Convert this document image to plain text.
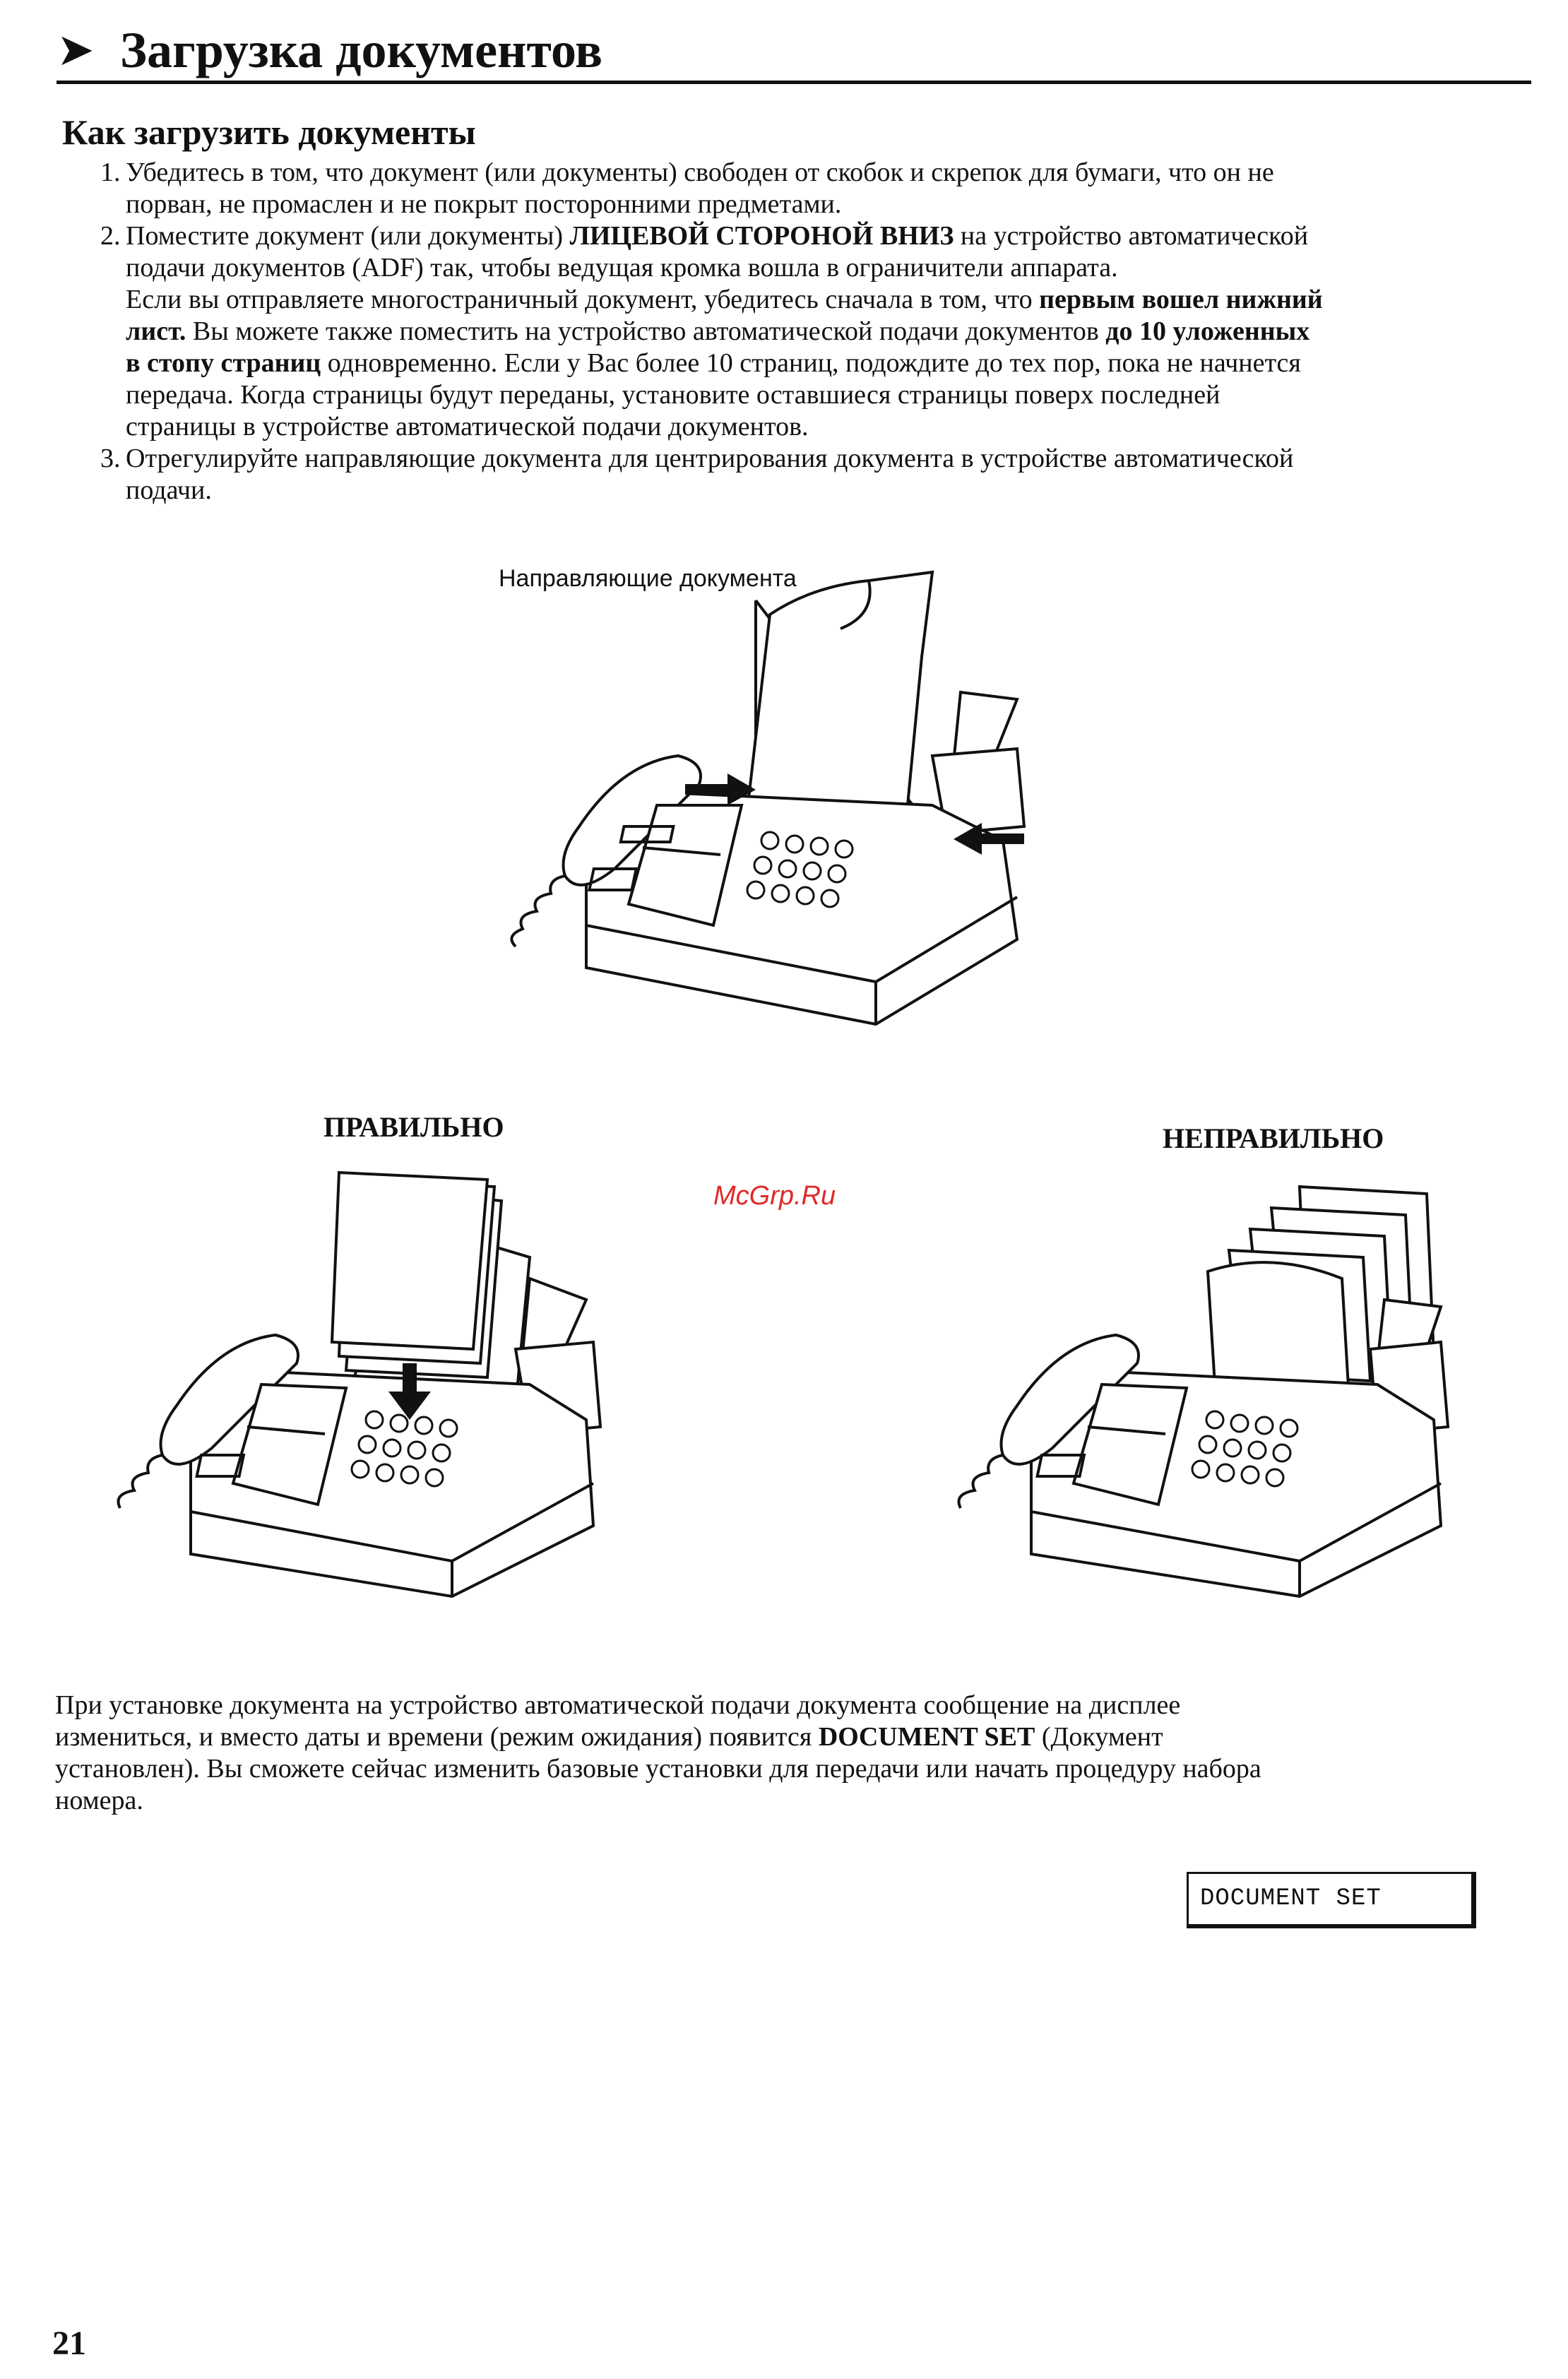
➤ Загрузка документов
Как загрузить документы
1. Убедитесь в том, что документ (или документы) свободен от скобок и скрепок для бумаги, что он не

порван, не промаслен и не покрыт посторонними предметами.

2. Поместите документ (или документы) ЛИЦЕВОЙ СТОРОНОЙ ВНИЗ на устройство автоматической

подачи документов (ADF) так, чтобы ведущая кромка вошла в ограничители аппарата.

Если вы отправляете многостраничный документ, убедитесь сначала в том, что первым вошел нижний

лист. Вы можете также поместить на устройство автоматической подачи документов до 10 уложенных

в стопу страниц одновременно. Если у Вас более 10 страниц, подождите до тех пор, пока не начнется

передача. Когда страницы будут переданы, установите оставшиеся страницы поверх последней

страницы в устройстве автоматической подачи документов.

3. Отрегулируйте направляющие документа для центрирования документа в устройстве автоматической

подачи.

Направляющие документа
ПРАВИЛЬНО	НЕПРАВИЛЬНО
McGrp.Ru
При установке документа на устройство автоматической подачи документа сообщение на дисплее
измениться, и вместо даты и времени (режим ожидания) появится DOCUMENT SET (Документ
установлен). Вы сможете сейчас изменить базовые установки для передачи или начать процедуру набора
номера.
DOCUMENT SET
21
